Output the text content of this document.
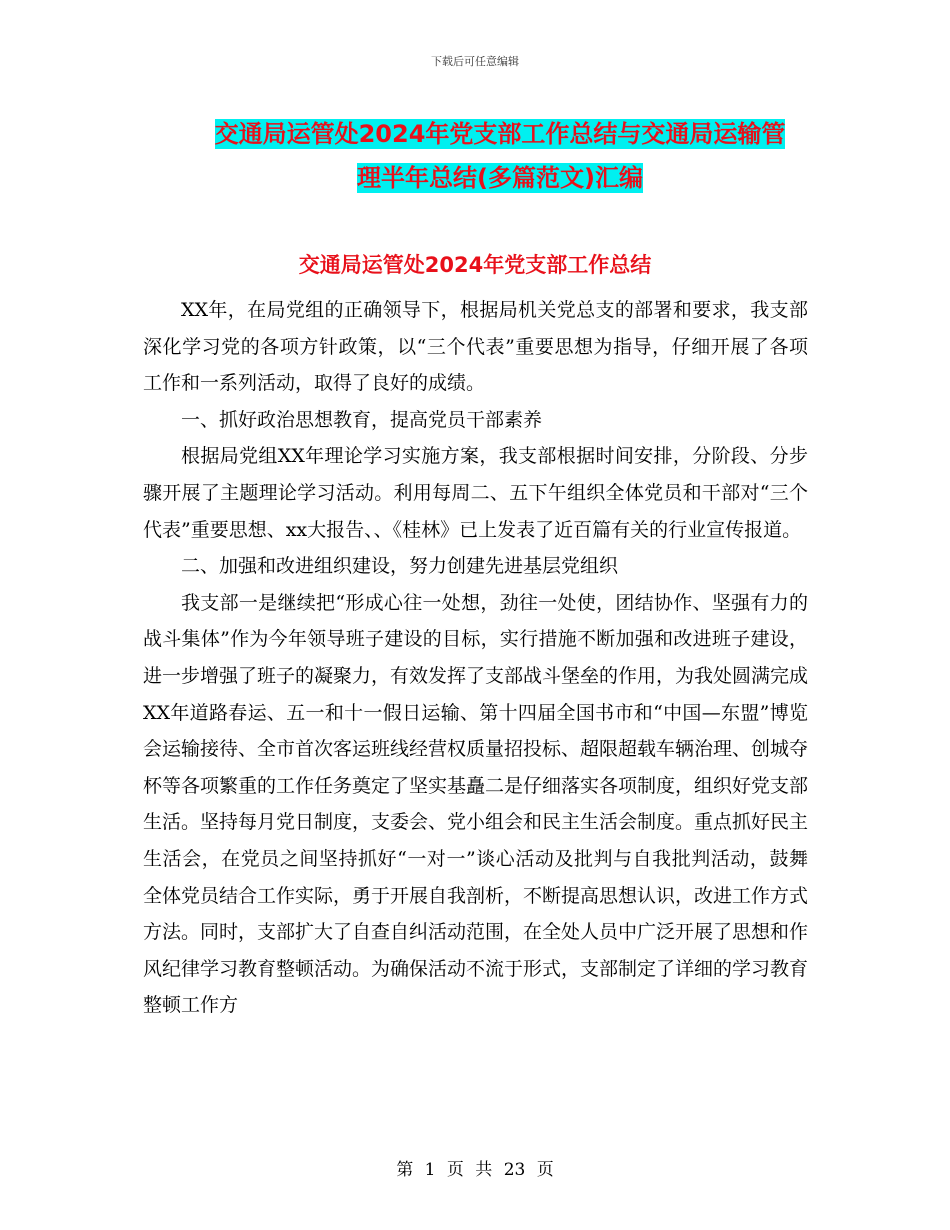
下载后可任意编辑
交通局运管处2024年党支部工作总结与交通局运输管
理半年总结(多篇范文)汇编
交通局运管处2024年党支部工作总结

XX年，在局党组的正确领导下，根据局机关党总支的部署和要求，我支部深化学习党的各项方针政策，以“三个代表”重要思想为指导，仔细开展了各项工作和一系列活动，取得了良好的成绩。

一、抓好政治思想教育，提高党员干部素养

根据局党组XX年理论学习实施方案，我支部根据时间安排，分阶段、分步骤开展了主题理论学习活动。利用每周二、五下午组织全体党员和干部对“三个代表”重要思想、xx大报告、、《桂林》已上发表了近百篇有关的行业宣传报道。

二、加强和改进组织建设，努力创建先进基层党组织

我支部一是继续把“形成心往一处想，劲往一处使，团结协作、坚强有力的战斗集体”作为今年领导班子建设的目标，实行措施不断加强和改进班子建设，进一步增强了班子的凝聚力，有效发挥了支部战斗堡垒的作用，为我处圆满完成XX年道路春运、五一和十一假日运输、第十四届全国书市和“中国—东盟”博览会运输接待、全市首次客运班线经营权质量招投标、超限超载车辆治理、创城夺杯等各项繁重的工作任务奠定了坚实基矗二是仔细落实各项制度，组织好党支部生活。坚持每月党日制度，支委会、党小组会和民主生活会制度。重点抓好民主生活会，在党员之间坚持抓好“一对一”谈心活动及批判与自我批判活动，鼓舞全体党员结合工作实际，勇于开展自我剖析，不断提高思想认识，改进工作方式方法。同时，支部扩大了自查自纠活动范围，在全处人员中广泛开展了思想和作风纪律学习教育整顿活动。为确保活动不流于形式，支部制定了详细的学习教育整顿工作方

第 1 页 共 23 页
